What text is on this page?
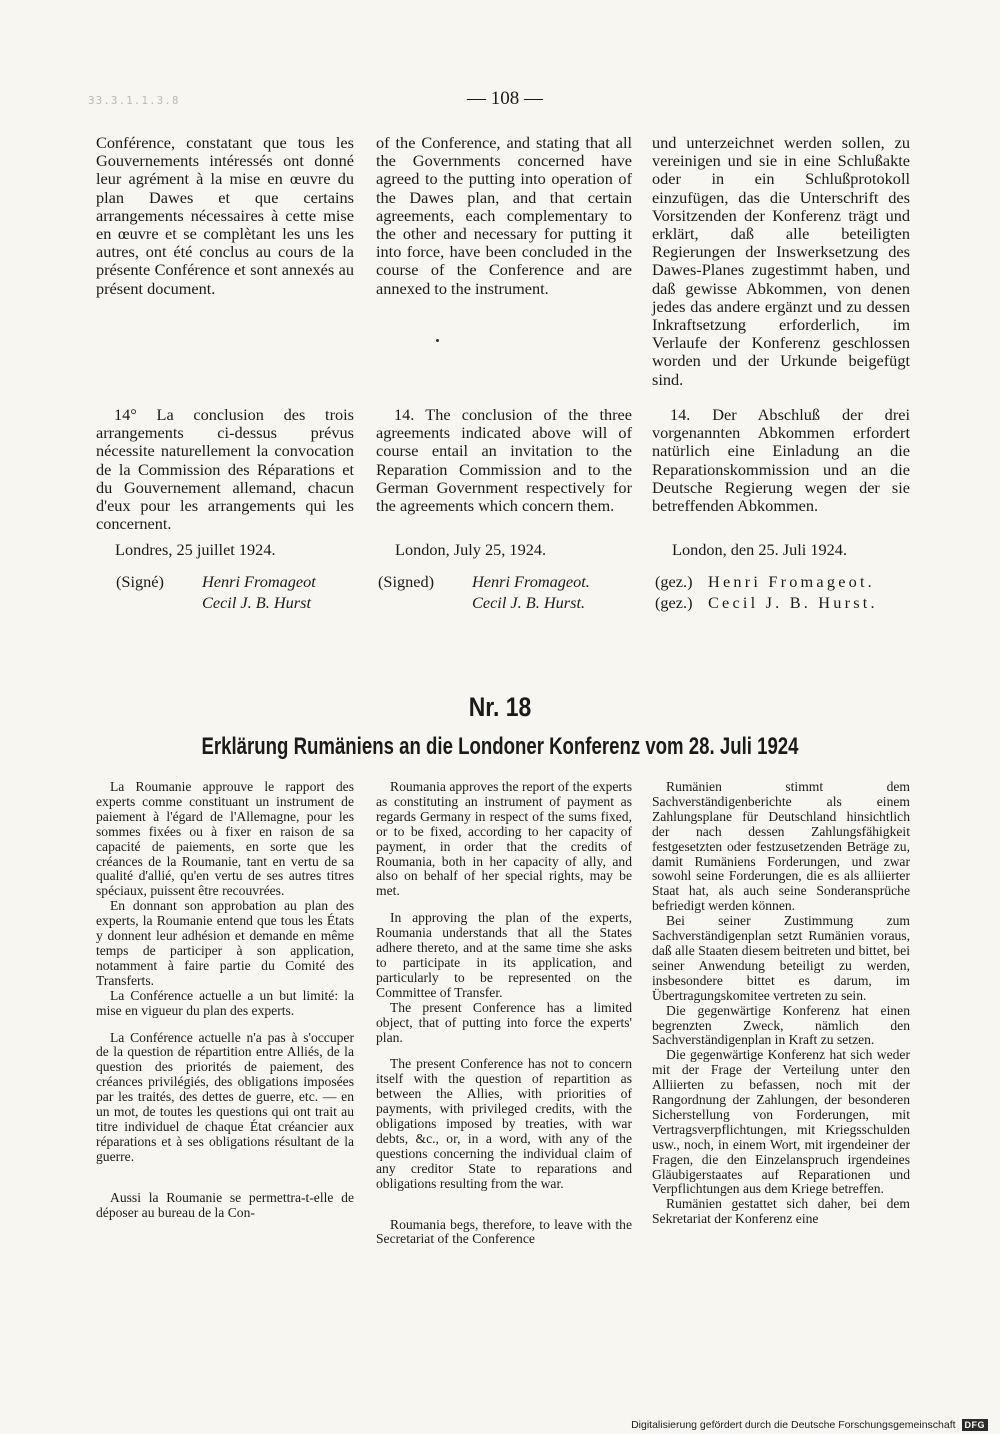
33.3.1.1.3.8	— 108 —

Conférence, constatant que tous les Gouvernements intéressés ont donné leur agrément à la mise en œuvre du plan Dawes et que certains arrangements nécessaires à cette mise en œuvre et se complètant les uns les autres, ont été conclus au cours de la présente Conférence et sont annexés au présent document.

of the Conference, and stating that all the Governments concerned have agreed to the putting into operation of the Dawes plan, and that certain agreements, each complementary to the other and necessary for putting it into force, have been concluded in the course of the Conference and are annexed to the instrument.

und unterzeichnet werden sollen, zu vereinigen und sie in eine Schlußakte oder in ein Schlußprotokoll einzufügen, das die Unterschrift des Vorsitzenden der Konferenz trägt und erklärt, daß alle beteiligten Regierungen der Inswerksetzung des Dawes-Planes zugestimmt haben, und daß gewisse Abkommen, von denen jedes das andere ergänzt und zu dessen Inkraftsetzung erforderlich, im Verlaufe der Konferenz geschlossen worden und der Urkunde beigefügt sind.

14° La conclusion des trois arrangements ci-dessus prévus nécessite naturellement la convocation de la Commission des Réparations et du Gouvernement allemand, chacun d'eux pour les arrangements qui les concernent.

14. The conclusion of the three agreements indicated above will of course entail an invitation to the Reparation Commission and to the German Government respectively for the agreements which concern them.

14. Der Abschluß der drei vorgenannten Abkommen erfordert natürlich eine Einladung an die Reparationskommission und an die Deutsche Regierung wegen der sie betreffenden Abkommen.

Londres, 25 juillet 1924.	London, July 25, 1924.	London, den 25. Juli 1924.
(Signé) Henri Fromageot
Cecil J. B. Hurst
(Signed) Henri Fromageot.
Cecil J. B. Hurst.
(gez.) Henri Fromageot.
(gez.) Cecil J. B. Hurst.
Nr. 18
Erklärung Rumäniens an die Londoner Konferenz vom 28. Juli 1924

La Roumanie approuve le rapport des experts comme constituant un instrument de paiement à l'égard de l'Allemagne, pour les sommes fixées ou à fixer en raison de sa capacité de paiements, en sorte que les créances de la Roumanie, tant en vertu de sa qualité d'allié, qu'en vertu de ses autres titres spéciaux, puissent être recouvrées.

En donnant son approbation au plan des experts, la Roumanie entend que tous les États y donnent leur adhésion et demande en même temps de participer à son application, notamment à faire partie du Comité des Transferts.

La Conférence actuelle a un but limité: la mise en vigueur du plan des experts.

La Conférence actuelle n'a pas à s'occuper de la question de répartition entre Alliés, de la question des priorités de paiement, des créances privilégiés, des obligations imposées par les traités, des dettes de guerre, etc. — en un mot, de toutes les questions qui ont trait au titre individuel de chaque État créancier aux réparations et à ses obligations résultant de la guerre.

Aussi la Roumanie se permettra-t-elle de déposer au bureau de la Con-

Roumania approves the report of the experts as constituting an instrument of payment as regards Germany in respect of the sums fixed, or to be fixed, according to her capacity of payment, in order that the credits of Roumania, both in her capacity of ally, and also on behalf of her special rights, may be met.

In approving the plan of the experts, Roumania understands that all the States adhere thereto, and at the same time she asks to participate in its application, and particularly to be represented on the Committee of Transfer.

The present Conference has a limited object, that of putting into force the experts' plan.

The present Conference has not to concern itself with the question of repartition as between the Allies, with priorities of payments, with privileged credits, with the obligations imposed by treaties, with war debts, &c., or, in a word, with any of the questions concerning the individual claim of any creditor State to reparations and obligations resulting from the war.

Roumania begs, therefore, to leave with the Secretariat of the Conference

Rumänien stimmt dem Sachverständigenberichte als einem Zahlungsplane für Deutschland hinsichtlich der nach dessen Zahlungsfähigkeit festgesetzten oder festzusetzenden Beträge zu, damit Rumäniens Forderungen, und zwar sowohl seine Forderungen, die es als alliierter Staat hat, als auch seine Sonderansprüche befriedigt werden können.

Bei seiner Zustimmung zum Sachverständigenplan setzt Rumänien voraus, daß alle Staaten diesem beitreten und bittet, bei seiner Anwendung beteiligt zu werden, insbesondere bittet es darum, im Übertragungskomitee vertreten zu sein.

Die gegenwärtige Konferenz hat einen begrenzten Zweck, nämlich den Sachverständigenplan in Kraft zu setzen.

Die gegenwärtige Konferenz hat sich weder mit der Frage der Verteilung unter den Alliierten zu befassen, noch mit der Rangordnung der Zahlungen, der besonderen Sicherstellung von Forderungen, mit Vertragsverpflichtungen, mit Kriegsschulden usw., noch, in einem Wort, mit irgendeiner der Fragen, die den Einzelanspruch irgendeines Gläubigerstaates auf Reparationen und Verpflichtungen aus dem Kriege betreffen.

Rumänien gestattet sich daher, bei dem Sekretariat der Konferenz eine

Digitalisierung gefördert durch die Deutsche Forschungsgemeinschaft DFG
